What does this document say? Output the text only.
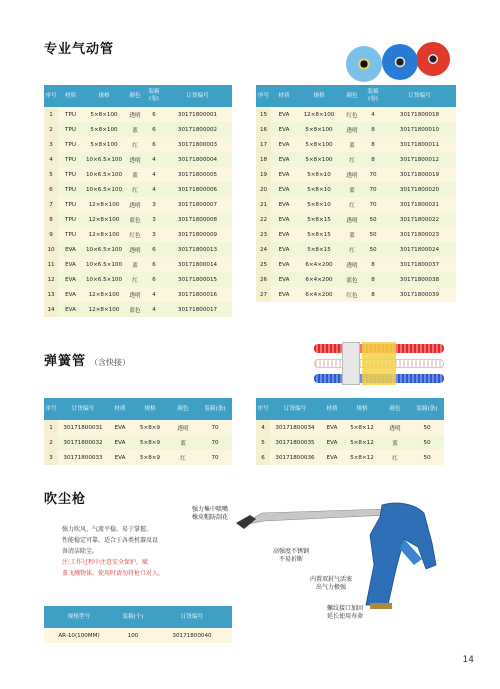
专业气动管
序号	材质	规格	颜色	装箱(卷)	订货编号
1	TPU	5×8×100	透明	6	30171800001
2	TPU	5×8×100	蓝	6	30171800002
3	TPU	5×8×100	红	6	30171800003
4	TPU	10×6.5×100	透明	4	30171800004
5	TPU	10×6.5×100	蓝	4	30171800005
6	TPU	10×6.5×100	红	4	30171800006
7	TPU	12×8×100	透明	3	30171800007
8	TPU	12×8×100	蓝色	3	30171800008
9	TPU	12×8×100	红色	3	30171800009
10	EVA	10×6.5×100	透明	6	30171800013
11	EVA	10×6.5×100	蓝	6	30171800014
12	EVA	10×6.5×100	红	6	30171800015
13	EVA	12×8×100	透明	4	30171800016
14	EVA	12×8×100	蓝色	4	30171800017
序号	材质	规格	颜色	装箱(卷)	订货编号
15	EVA	12×8×100	红色	4	30171800018
16	EVA	5×8×100	透明	8	30171800010
17	EVA	5×8×100	蓝	8	30171800011
18	EVA	5×8×100	红	8	30171800012
19	EVA	5×8×10	透明	70	30171800019
20	EVA	5×8×10	蓝	70	30171800020
21	EVA	5×8×10	红	70	30171800021
22	EVA	5×8×15	透明	50	30171800022
23	EVA	5×8×15	蓝	50	30171800023
24	EVA	5×8×15	红	50	30171800024
25	EVA	6×4×200	透明	8	30171800037
26	EVA	6×4×200	蓝色	8	30171800038
27	EVA	6×4×200	红色	8	30171800039
弹簧管 （含快接）
序号	订货编号	材质	规格	颜色	装箱(条)
1	30171800031	EVA	5×8×9	透明	70
2	30171800032	EVA	5×8×9	蓝	70
3	30171800033	EVA	5×8×9	红	70
序号	订货编号	材质	规格	颜色	装箱(条)
4	30171800034	EVA	5×8×12	透明	50
5	30171800035	EVA	5×8×12	蓝	50
6	30171800036	EVA	5×8×12	红	50
吹尘枪
强力吹风、气流平稳、易于掌握、
性能稳定可靠，适合于各类机器及设
备清洁除尘。
注:工作过程中注意安全保护，赋
盖飞溅物体，使用时请勿将枪口对人。
强力集中喷嘴
橡皮帽防刮花
高强度不锈钢
不易折断
内置双封气活塞
出气力极强
螺纹接口加固
延长使用寿命
规格型号	装箱(个)	订货编号
AR-10(100MM)	100	30171800040
14
